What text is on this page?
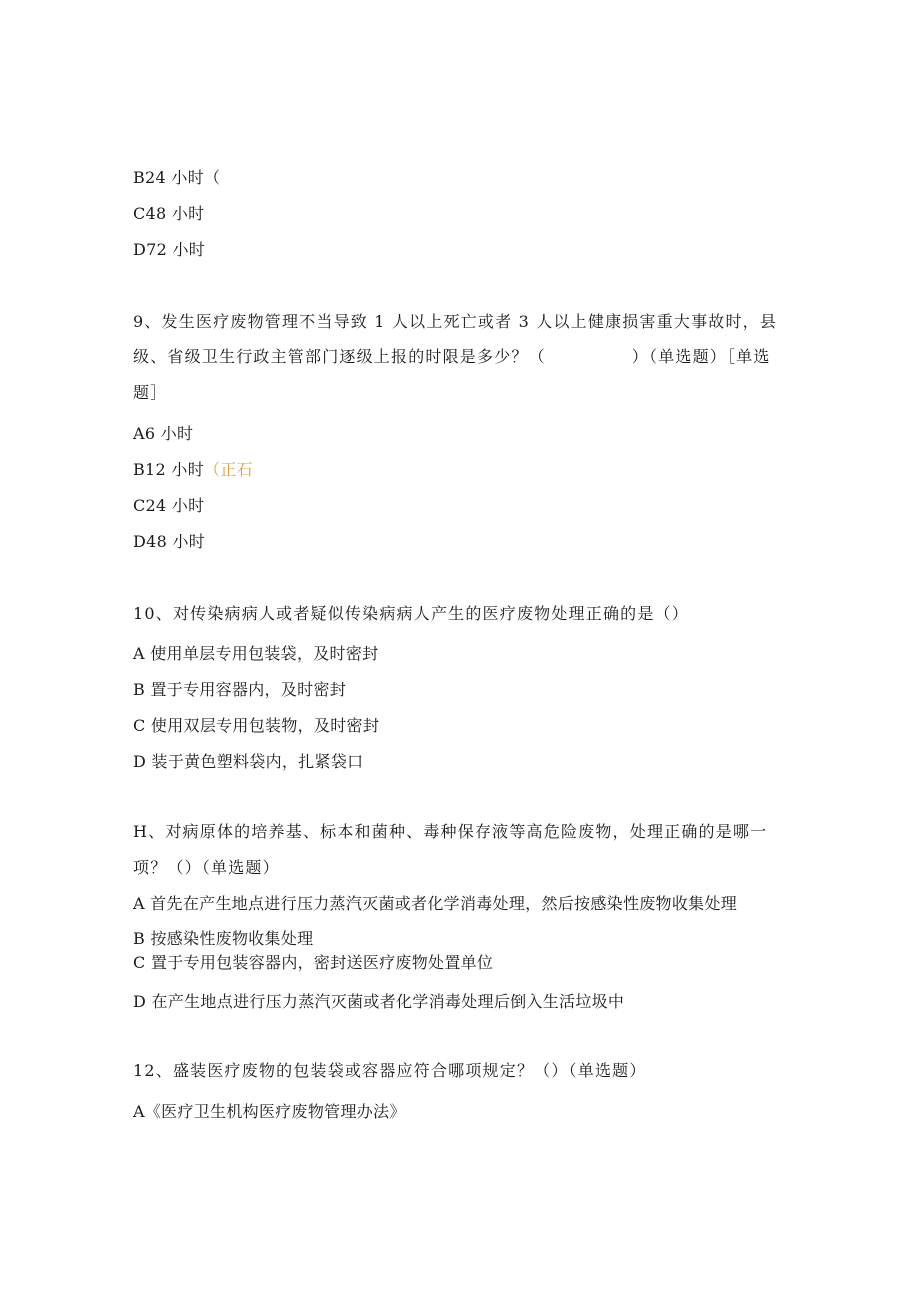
B24 小时（
C48 小时
D72 小时
9、发生医疗废物管理不当导致 1 人以上死亡或者 3 人以上健康损害重大事故时，县
级、省级卫生行政主管部门逐级上报的时限是多少？（　　　　　）（单选题）［单选
题］
A6 小时
B12 小时（正石
C24 小时
D48 小时
10、对传染病病人或者疑似传染病病人产生的医疗废物处理正确的是（）
A 使用单层专用包装袋，及时密封
B 置于专用容器内，及时密封
C 使用双层专用包装物，及时密封
D 装于黄色塑料袋内，扎紧袋口
H、对病原体的培养基、标本和菌种、毒种保存液等高危险废物，处理正确的是哪一
项？（）（单选题）
A 首先在产生地点进行压力蒸汽灭菌或者化学消毒处理，然后按感染性废物收集处理
B 按感染性废物收集处理
C 置于专用包装容器内，密封送医疗废物处置单位
D 在产生地点进行压力蒸汽灭菌或者化学消毒处理后倒入生活垃圾中
12、盛装医疗废物的包装袋或容器应符合哪项规定？（）（单选题）
A《医疗卫生机构医疗废物管理办法》
